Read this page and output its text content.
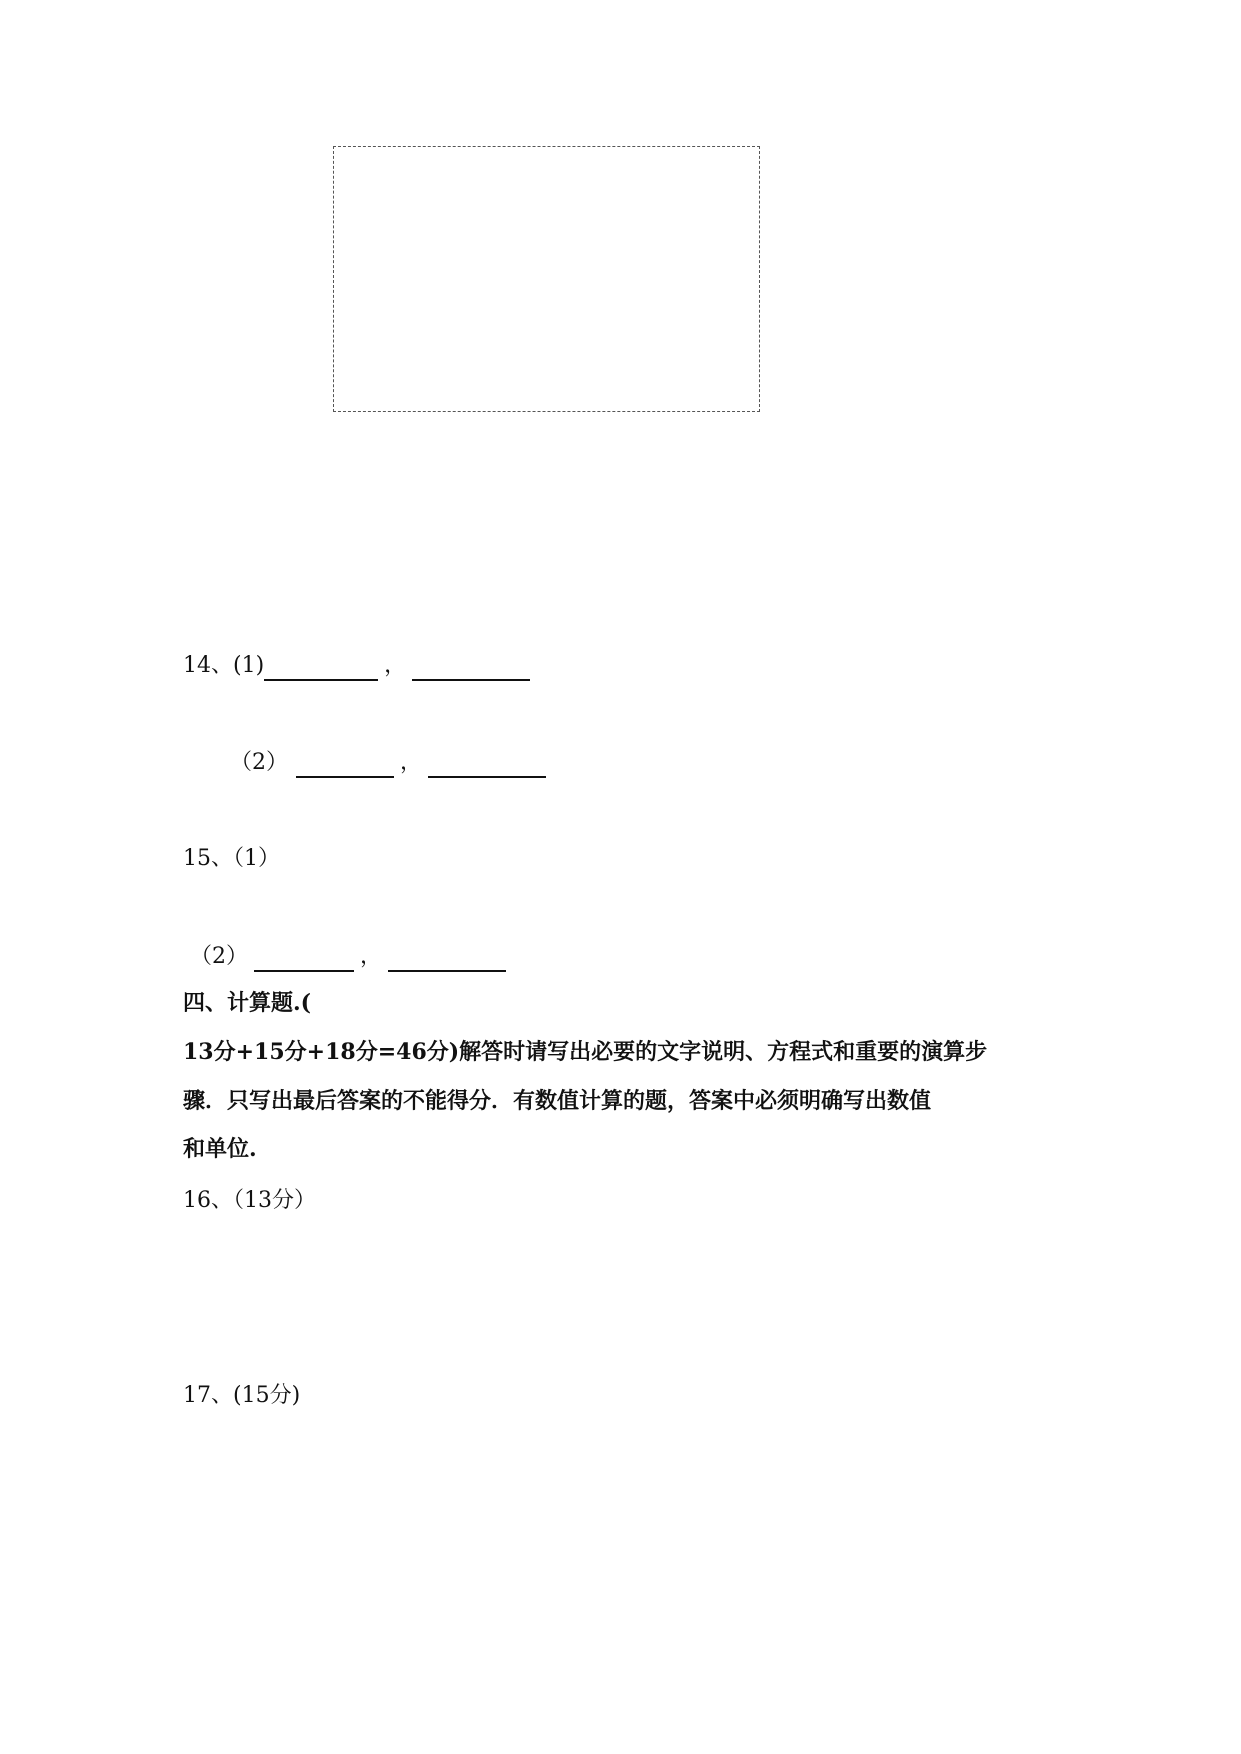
14、(1)	，
（2）	，
15、（1）
（2）	，
四、计算题.(
13分+15分+18分=46分)解答时请写出必要的文字说明、方程式和重要的演算步
骤．只写出最后答案的不能得分．有数值计算的题，答案中必须明确写出数值
和单位.
16、（13分）
17、(15分)
